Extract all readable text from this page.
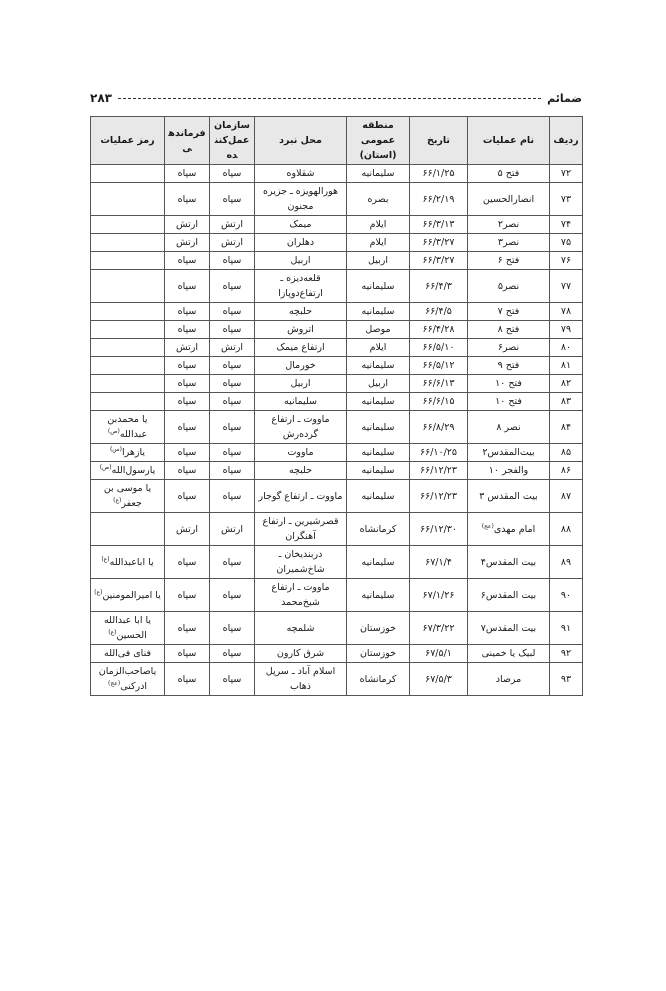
ضمائم
۲۸۳
ردیف	نام عملیات	تاریخ	منطقه عمومی (استان)	محل نبرد	سازمان عمل‌کننده	فرماندهی	رمز عملیات
۷۲	فتح ۵	۶۶/۱/۲۵	سلیمانیه	شقلاوه	سپاه	سپاه	
۷۳	انصارالحسین	۶۶/۲/۱۹	بصره	هورالهویزه ـ جزیره مجنون	سپاه	سپاه	
۷۴	نصر۲	۶۶/۳/۱۳	ایلام	میمک	ارتش	ارتش	
۷۵	نصر۳	۶۶/۳/۲۷	ایلام	دهلران	ارتش	ارتش	
۷۶	فتح ۶	۶۶/۳/۲۷	اربیل	اربیل	سپاه	سپاه	
۷۷	نصر۵	۶۶/۴/۳	سلیمانیه	قلعه‌دیزه ـ ارتفاع‌دوپازا	سپاه	سپاه	
۷۸	فتح ۷	۶۶/۴/۵	سلیمانیه	حلبچه	سپاه	سپاه	
۷۹	فتح ۸	۶۶/۴/۲۸	موصل	اتروش	سپاه	سپاه	
۸۰	نصر۶	۶۶/۵/۱۰	ایلام	ارتفاع میمک	ارتش	ارتش	
۸۱	فتح ۹	۶۶/۵/۱۲	سلیمانیه	خورمال	سپاه	سپاه	
۸۲	فتح ۱۰	۶۶/۶/۱۳	اربیل	اربیل	سپاه	سپاه	
۸۳	فتح ۱۰	۶۶/۶/۱۵	سلیمانیه	سلیمانیه	سپاه	سپاه	
۸۴	نصر ۸	۶۶/۸/۲۹	سلیمانیه	ماووت ـ ارتفاع گرده‌رش	سپاه	سپاه	یا محمدبن عبدالله$^{(ص)}$
۸۵	بیت‌المقدس۲	۶۶/۱۰/۲۵	سلیمانیه	ماووت	سپاه	سپاه	یازهرا$^{(س)}$
۸۶	والفجر ۱۰	۶۶/۱۲/۲۳	سلیمانیه	حلبچه	سپاه	سپاه	یارسول‌الله$^{(ص)}$
۸۷	بیت المقدس ۳	۶۶/۱۲/۲۳	سلیمانیه	ماووت ـ ارتفاع گوجار	سپاه	سپاه	یا موسی بن جعفر$^{(ع)}$
۸۸	امام مهدی$^{(عج)}$	۶۶/۱۲/۳۰	کرمانشاه	قصرشیرین ـ ارتفاع آهنگران	ارتش	ارتش	
۸۹	بیت المقدس۴	۶۷/۱/۴	سلیمانیه	دربندیخان ـ شاخ‌شمیران	سپاه	سپاه	یا اباعبدالله$^{(ع)}$
۹۰	بیت المقدس۶	۶۷/۱/۲۶	سلیمانیه	ماووت ـ ارتفاع شیخ‌محمد	سپاه	سپاه	یا امیرالمومنین$^{(ع)}$
۹۱	بیت المقدس۷	۶۷/۳/۲۲	خوزستان	شلمچه	سپاه	سپاه	یا ابا عبدالله الحسین$^{(ع)}$
۹۲	لبیک یا خمینی	۶۷/۵/۱	خوزستان	شرق کارون	سپاه	سپاه	فنای فی‌الله
۹۳	مرصاد	۶۷/۵/۳	کرمانشاه	اسلام آباد ـ سرپل ذهاب	سپاه	سپاه	یاصاحب‌الزمان ادرکنی$^{(عج)}$
